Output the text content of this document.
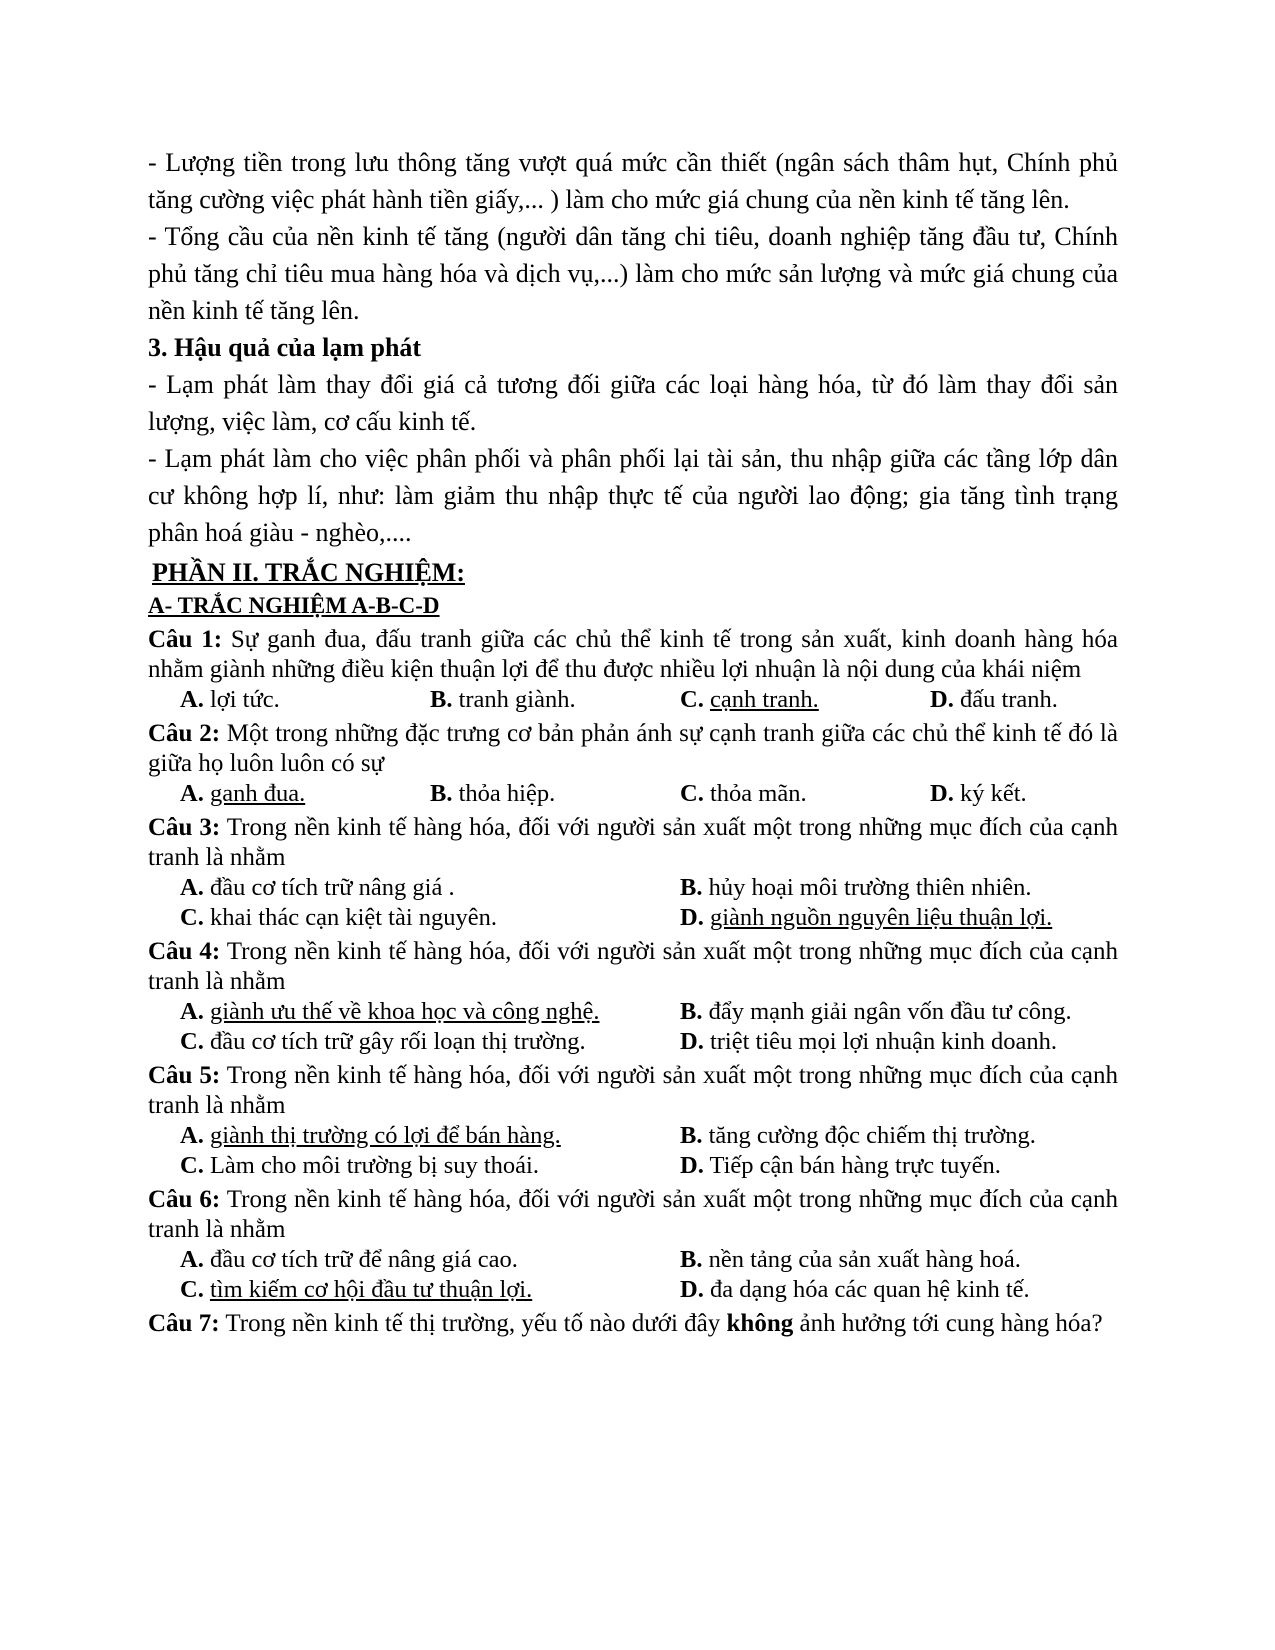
- Lượng tiền trong lưu thông tăng vượt quá mức cần thiết (ngân sách thâm hụt, Chính phủ tăng cường việc phát hành tiền giấy,... ) làm cho mức giá chung của nền kinh tế tăng lên.

- Tổng cầu của nền kinh tế tăng (người dân tăng chi tiêu, doanh nghiệp tăng đầu tư, Chính phủ tăng chỉ tiêu mua hàng hóa và dịch vụ,...) làm cho mức sản lượng và mức giá chung của nền kinh tế tăng lên.

3. Hậu quả của lạm phát

- Lạm phát làm thay đổi giá cả tương đối giữa các loại hàng hóa, từ đó làm thay đổi sản lượng, việc làm, cơ cấu kinh tế.

- Lạm phát làm cho việc phân phối và phân phối lại tài sản, thu nhập giữa các tầng lớp dân cư không hợp lí, như: làm giảm thu nhập thực tế của người lao động; gia tăng tình trạng phân hoá giàu - nghèo,....

PHẦN II. TRẮC NGHIỆM:

A- TRẮC NGHIỆM A-B-C-D

Câu 1: Sự ganh đua, đấu tranh giữa các chủ thể kinh tế trong sản xuất, kinh doanh hàng hóa nhằm giành những điều kiện thuận lợi để thu được nhiều lợi nhuận là nội dung của khái niệm

A. lợi tức.	B. tranh giành.	C. cạnh tranh.	D. đấu tranh.

Câu 2: Một trong những đặc trưng cơ bản phản ánh sự cạnh tranh giữa các chủ thể kinh tế đó là giữa họ luôn luôn có sự

A. ganh đua.	B. thỏa hiệp.	C. thỏa mãn.	D. ký kết.

Câu 3: Trong nền kinh tế hàng hóa, đối với người sản xuất một trong những mục đích của cạnh tranh là nhằm

A. đầu cơ tích trữ nâng giá .	B. hủy hoại môi trường thiên nhiên.
C. khai thác cạn kiệt tài nguyên.	D. giành nguồn nguyên liệu thuận lợi.

Câu 4: Trong nền kinh tế hàng hóa, đối với người sản xuất một trong những mục đích của cạnh tranh là nhằm

A. giành ưu thế về khoa học và công nghệ.	B. đẩy mạnh giải ngân vốn đầu tư công.
C. đầu cơ tích trữ gây rối loạn thị trường.	D. triệt tiêu mọi lợi nhuận kinh doanh.

Câu 5: Trong nền kinh tế hàng hóa, đối với người sản xuất một trong những mục đích của cạnh tranh là nhằm

A. giành thị trường có lợi để bán hàng.	B. tăng cường độc chiếm thị trường.
C. Làm cho môi trường bị suy thoái.	D. Tiếp cận bán hàng trực tuyến.

Câu 6: Trong nền kinh tế hàng hóa, đối với người sản xuất một trong những mục đích của cạnh tranh là nhằm

A. đầu cơ tích trữ để nâng giá cao.	B. nền tảng của sản xuất hàng hoá.
C. tìm kiếm cơ hội đầu tư thuận lợi.	D. đa dạng hóa các quan hệ kinh tế.

Câu 7: Trong nền kinh tế thị trường, yếu tố nào dưới đây không ảnh hưởng tới cung hàng hóa?
